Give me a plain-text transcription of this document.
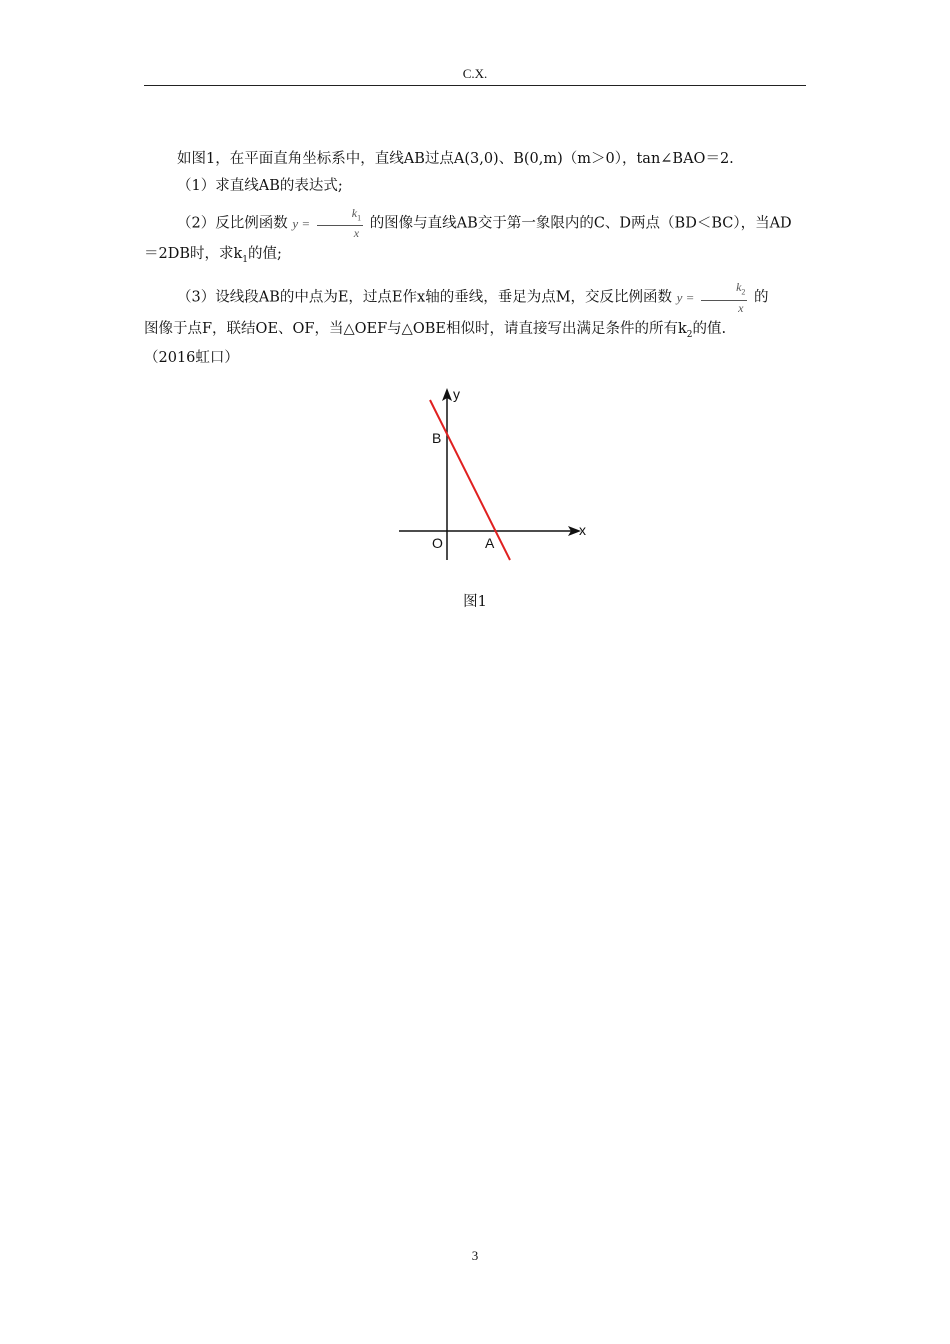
C.X.

如图1，在平面直角坐标系中，直线AB过点A(3,0)、B(0,m)（m＞0），tan∠BAO＝2.

（1）求直线AB的表达式;

（2）反比例函数 $y = \frac{k_1}{x}$ 的图像与直线AB交于第一象限内的C、D两点（BD＜BC），当AD

＝2DB时，求$k_1$的值;

（3）设线段AB的中点为E，过点E作x轴的垂线，垂足为点M，交反比例函数 $y = \frac{k_2}{x}$ 的

图像于点F，联结OE、OF，当△OEF与△OBE相似时，请直接写出满足条件的所有$k_2$的值.

（2016虹口）

y
x
B
O	A
图1
3
